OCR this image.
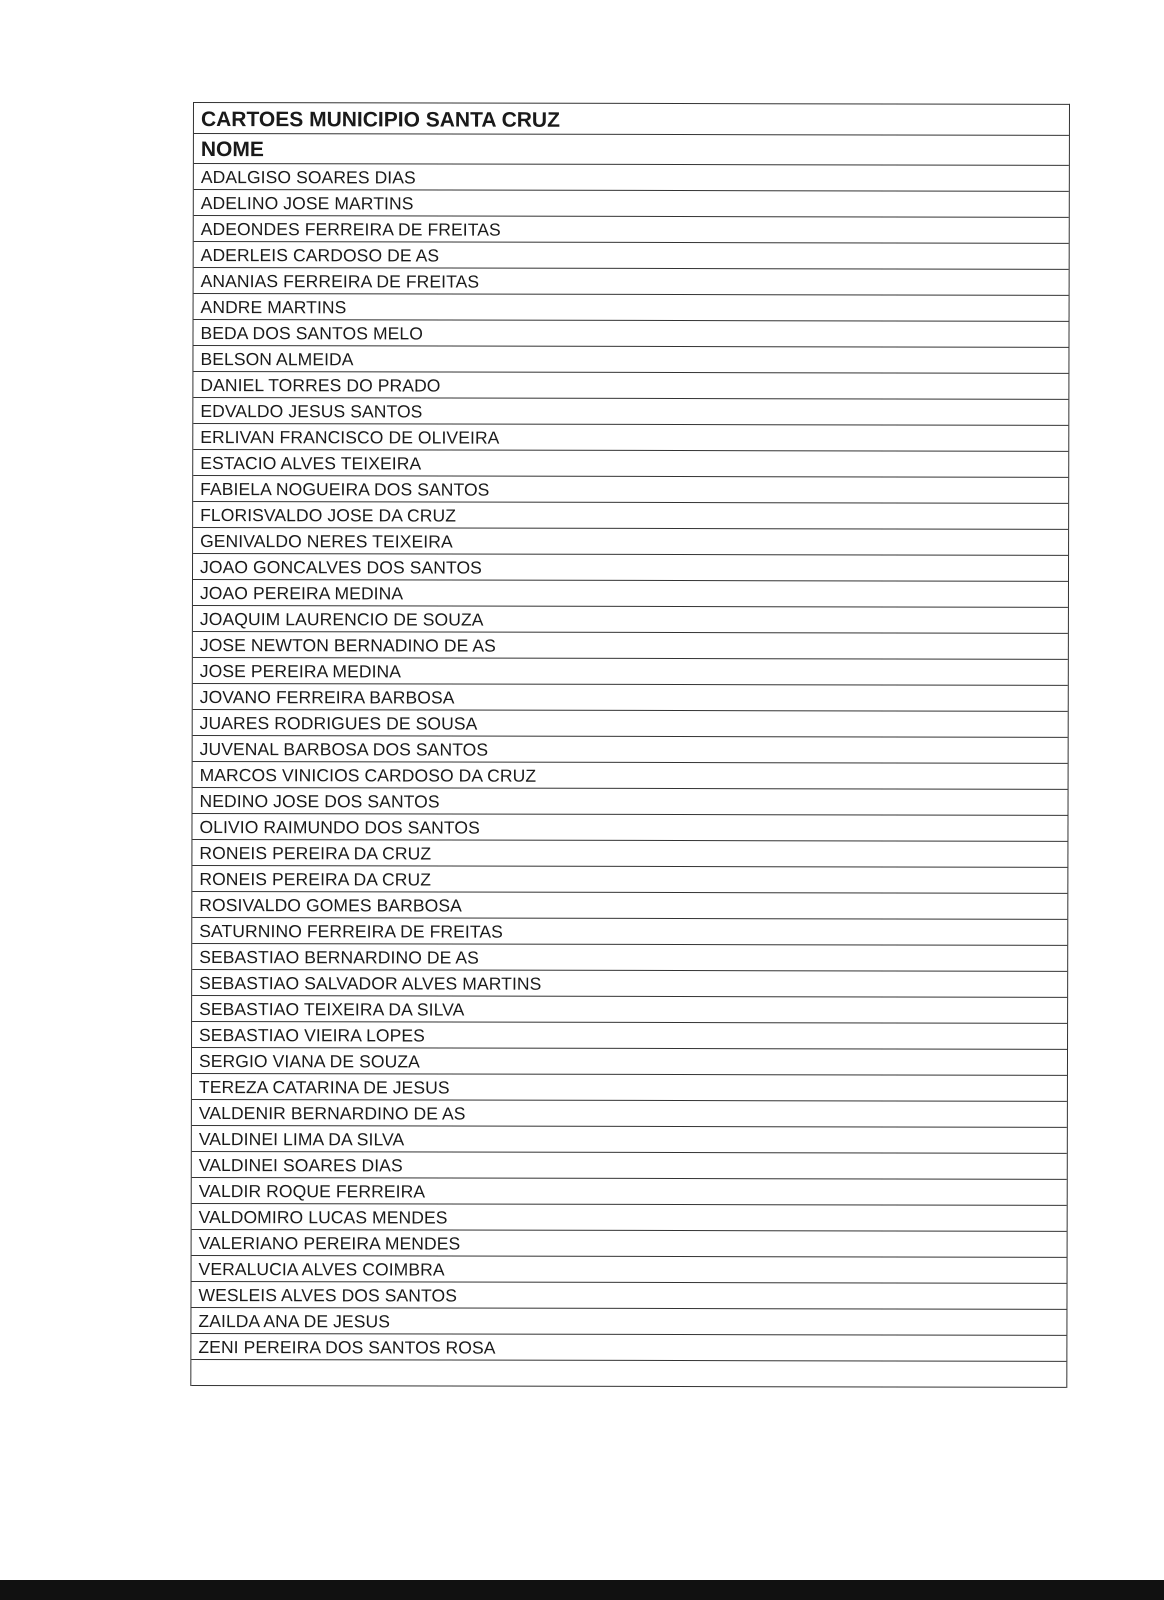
CARTOES MUNICIPIO SANTA CRUZ
NOME
ADALGISO SOARES DIAS
ADELINO JOSE MARTINS
ADEONDES FERREIRA DE FREITAS
ADERLEIS CARDOSO DE AS
ANANIAS FERREIRA DE FREITAS
ANDRE MARTINS
BEDA DOS SANTOS MELO
BELSON ALMEIDA
DANIEL TORRES DO PRADO
EDVALDO JESUS SANTOS
ERLIVAN FRANCISCO DE OLIVEIRA
ESTACIO ALVES TEIXEIRA
FABIELA NOGUEIRA DOS SANTOS
FLORISVALDO JOSE DA CRUZ
GENIVALDO NERES TEIXEIRA
JOAO GONCALVES DOS SANTOS
JOAO PEREIRA MEDINA
JOAQUIM LAURENCIO DE SOUZA
JOSE NEWTON BERNADINO DE AS
JOSE PEREIRA MEDINA
JOVANO FERREIRA BARBOSA
JUARES RODRIGUES DE SOUSA
JUVENAL BARBOSA DOS SANTOS
MARCOS VINICIOS CARDOSO DA CRUZ
NEDINO JOSE DOS SANTOS
OLIVIO RAIMUNDO DOS SANTOS
RONEIS PEREIRA DA CRUZ
RONEIS PEREIRA DA CRUZ
ROSIVALDO GOMES BARBOSA
SATURNINO FERREIRA DE FREITAS
SEBASTIAO BERNARDINO DE AS
SEBASTIAO SALVADOR ALVES MARTINS
SEBASTIAO TEIXEIRA DA SILVA
SEBASTIAO VIEIRA LOPES
SERGIO VIANA DE SOUZA
TEREZA CATARINA DE JESUS
VALDENIR BERNARDINO DE AS
VALDINEI LIMA DA SILVA
VALDINEI SOARES DIAS
VALDIR ROQUE FERREIRA
VALDOMIRO LUCAS MENDES
VALERIANO PEREIRA MENDES
VERALUCIA ALVES COIMBRA
WESLEIS ALVES DOS SANTOS
ZAILDA ANA DE JESUS
ZENI PEREIRA DOS SANTOS ROSA
